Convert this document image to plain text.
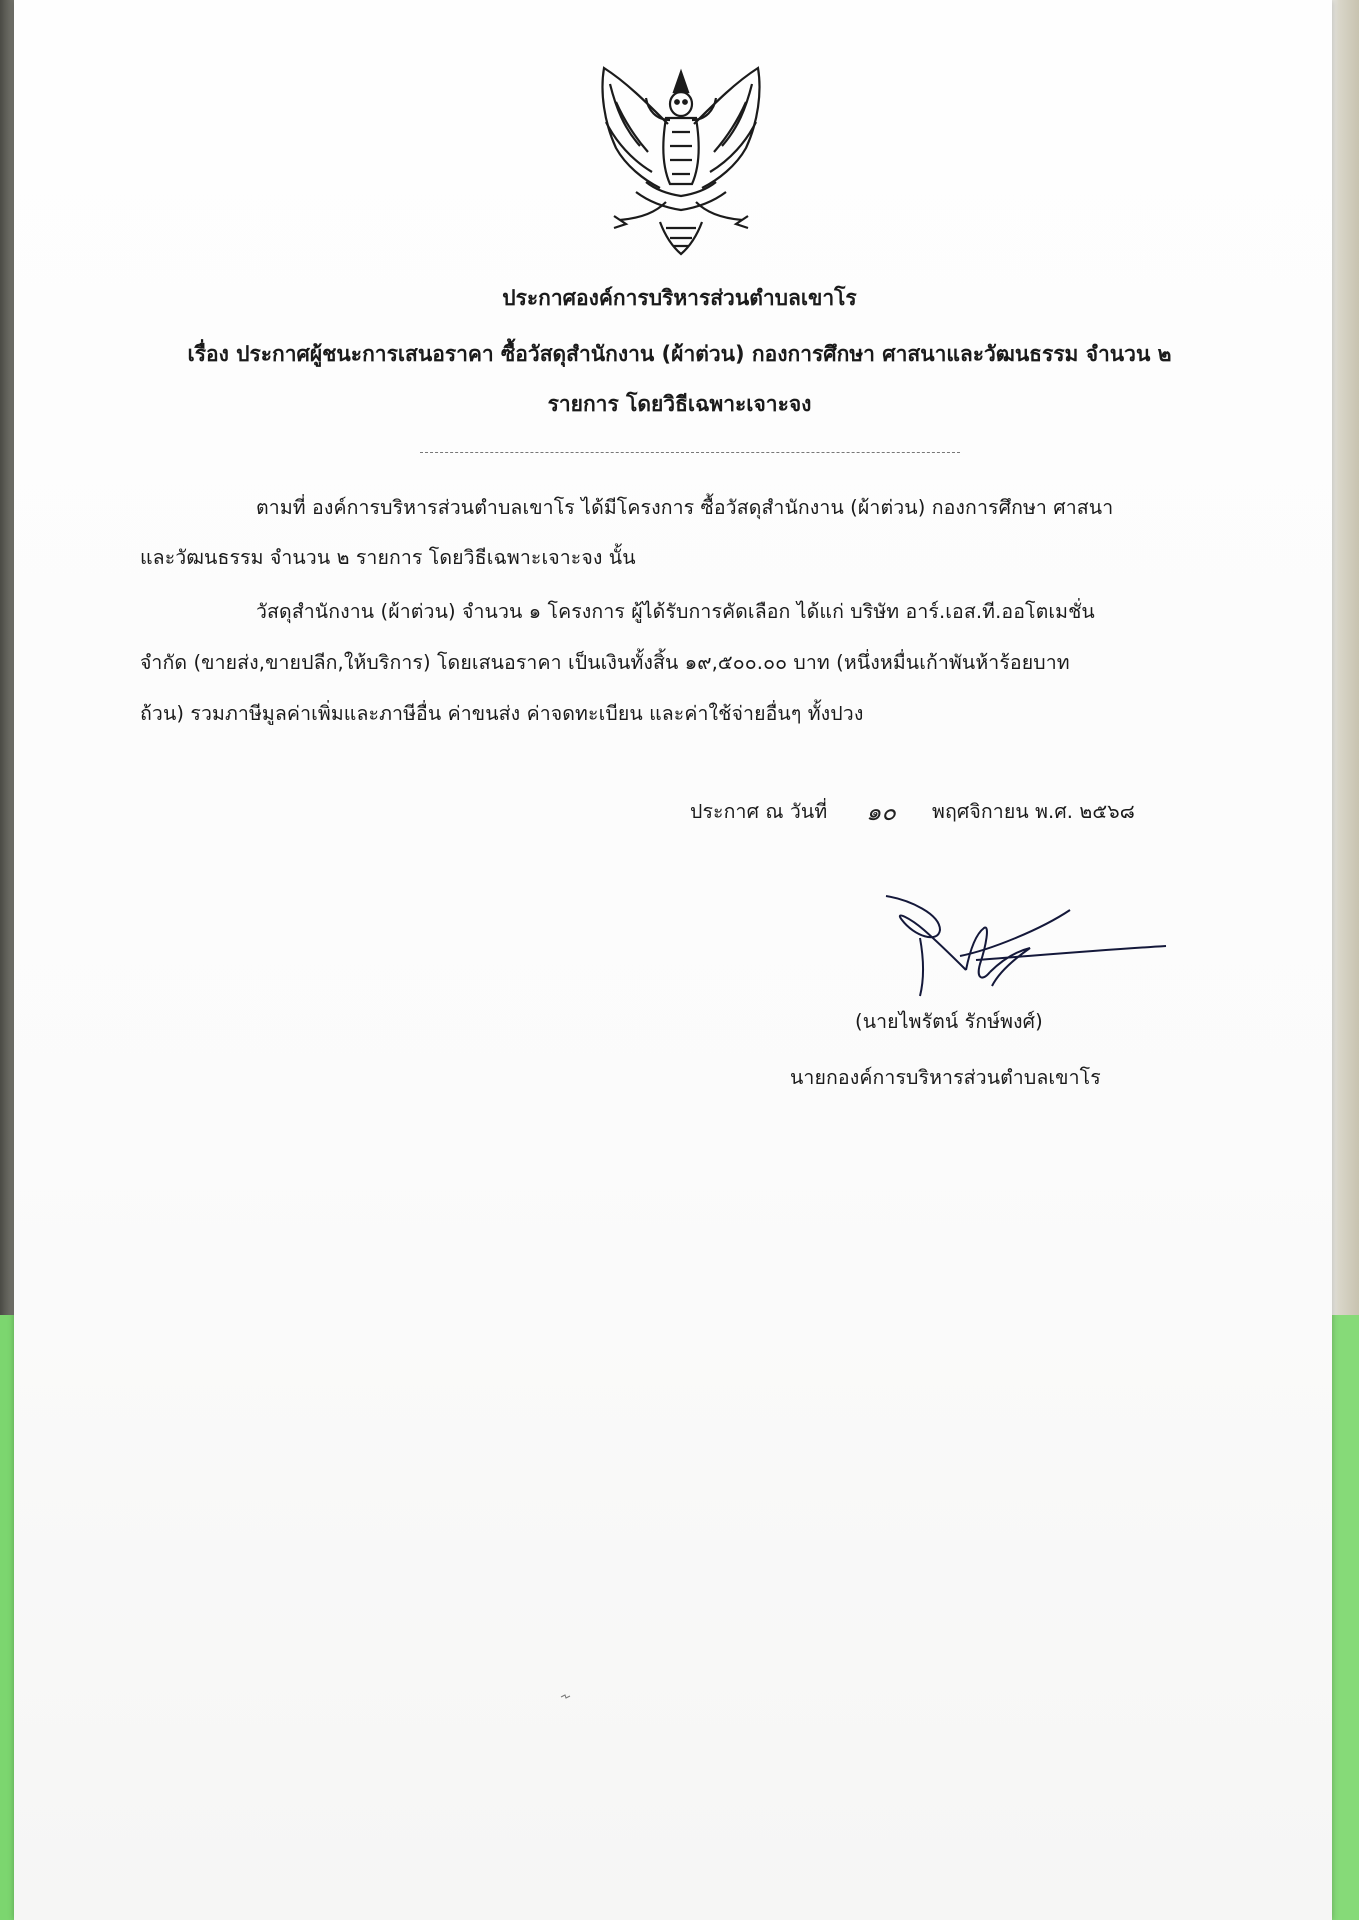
ประกาศองค์การบริหารส่วนตำบลเขาโร
เรื่อง ประกาศผู้ชนะการเสนอราคา ซื้อวัสดุสำนักงาน (ผ้าต่วน) กองการศึกษา ศาสนาและวัฒนธรรม จำนวน ๒
รายการ โดยวิธีเฉพาะเจาะจง
ตามที่ องค์การบริหารส่วนตำบลเขาโร ได้มีโครงการ ซื้อวัสดุสำนักงาน (ผ้าต่วน) กองการศึกษา ศาสนา
และวัฒนธรรม จำนวน ๒ รายการ โดยวิธีเฉพาะเจาะจง นั้น
วัสดุสำนักงาน (ผ้าต่วน) จำนวน ๑ โครงการ ผู้ได้รับการคัดเลือก ได้แก่ บริษัท อาร์.เอส.ที.ออโตเมชั่น
จำกัด (ขายส่ง,ขายปลีก,ให้บริการ) โดยเสนอราคา เป็นเงินทั้งสิ้น ๑๙,๕๐๐.๐๐ บาท (หนึ่งหมื่นเก้าพันห้าร้อยบาท
ถ้วน) รวมภาษีมูลค่าเพิ่มและภาษีอื่น ค่าขนส่ง ค่าจดทะเบียน และค่าใช้จ่ายอื่นๆ ทั้งปวง
ประกาศ ณ วันที่ ๑๐ พฤศจิกายน พ.ศ. ๒๕๖๘
(นายไพรัตน์ รักษ์พงศ์)
นายกองค์การบริหารส่วนตำบลเขาโร
